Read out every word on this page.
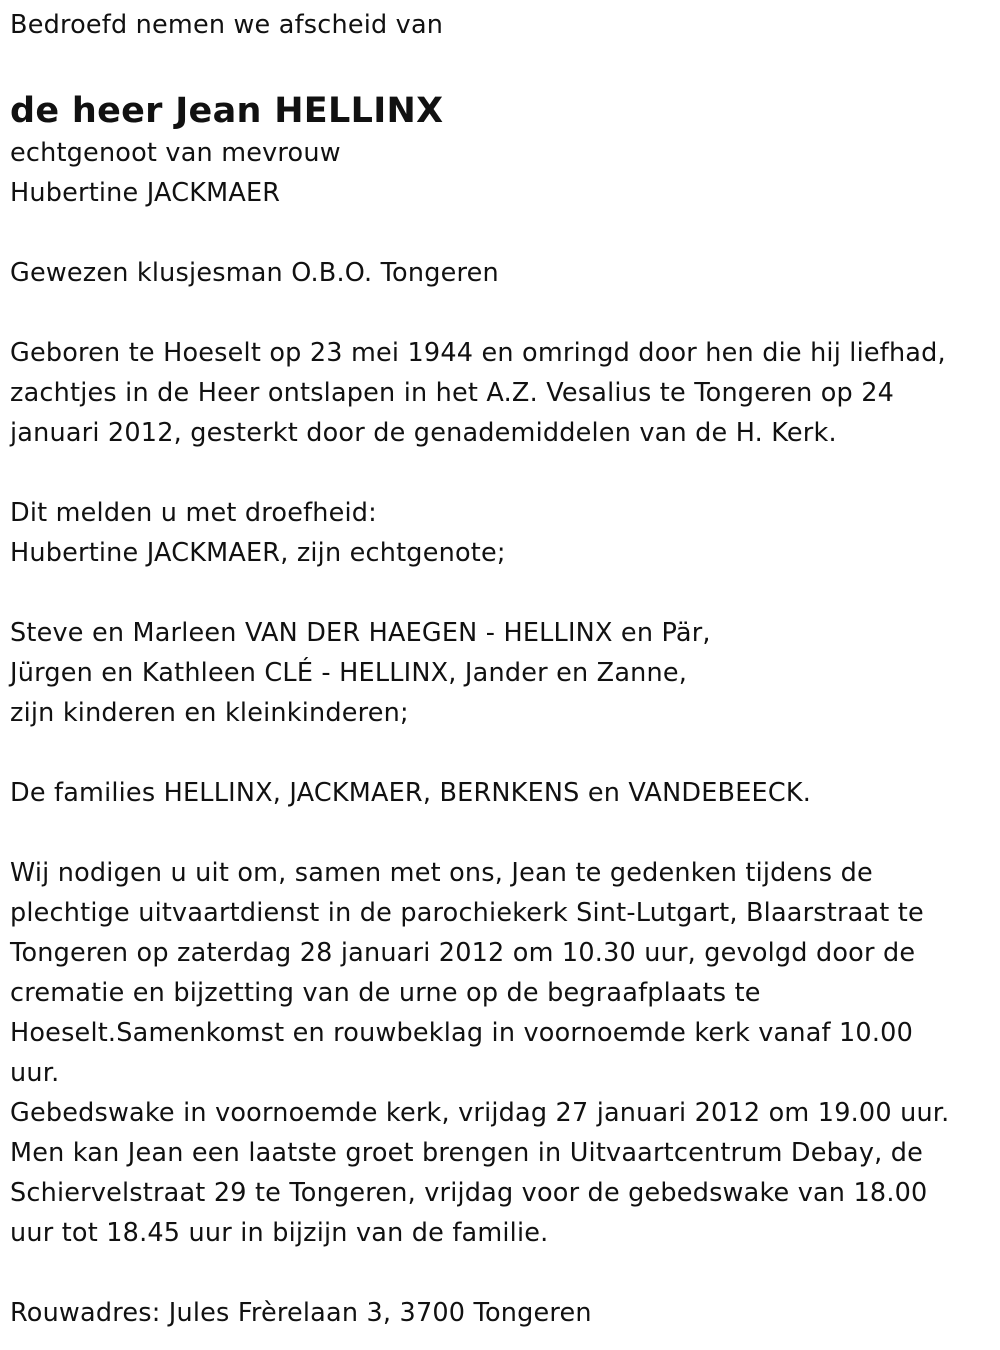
Bedroefd nemen we afscheid van
de heer Jean HELLINX
echtgenoot van mevrouw
Hubertine JACKMAER
Gewezen klusjesman O.B.O. Tongeren
Geboren te Hoeselt op 23 mei 1944 en omringd door hen die hij liefhad,
zachtjes in de Heer ontslapen in het A.Z. Vesalius te Tongeren op 24
januari 2012, gesterkt door de genademiddelen van de H. Kerk.
Dit melden u met droefheid:
Hubertine JACKMAER, zijn echtgenote;
Steve en Marleen VAN DER HAEGEN - HELLINX en Pär,
Jürgen en Kathleen CLÉ - HELLINX, Jander en Zanne,
zijn kinderen en kleinkinderen;
De families HELLINX, JACKMAER, BERNKENS en VANDEBEECK.
Wij nodigen u uit om, samen met ons, Jean te gedenken tijdens de
plechtige uitvaartdienst in de parochiekerk Sint-Lutgart, Blaarstraat te
Tongeren op zaterdag 28 januari 2012 om 10.30 uur, gevolgd door de
crematie en bijzetting van de urne op de begraafplaats te
Hoeselt.Samenkomst en rouwbeklag in voornoemde kerk vanaf 10.00
uur.
Gebedswake in voornoemde kerk, vrijdag 27 januari 2012 om 19.00 uur.
Men kan Jean een laatste groet brengen in Uitvaartcentrum Debay, de
Schiervelstraat 29 te Tongeren, vrijdag voor de gebedswake van 18.00
uur tot 18.45 uur in bijzijn van de familie.
Rouwadres: Jules Frèrelaan 3, 3700 Tongeren
